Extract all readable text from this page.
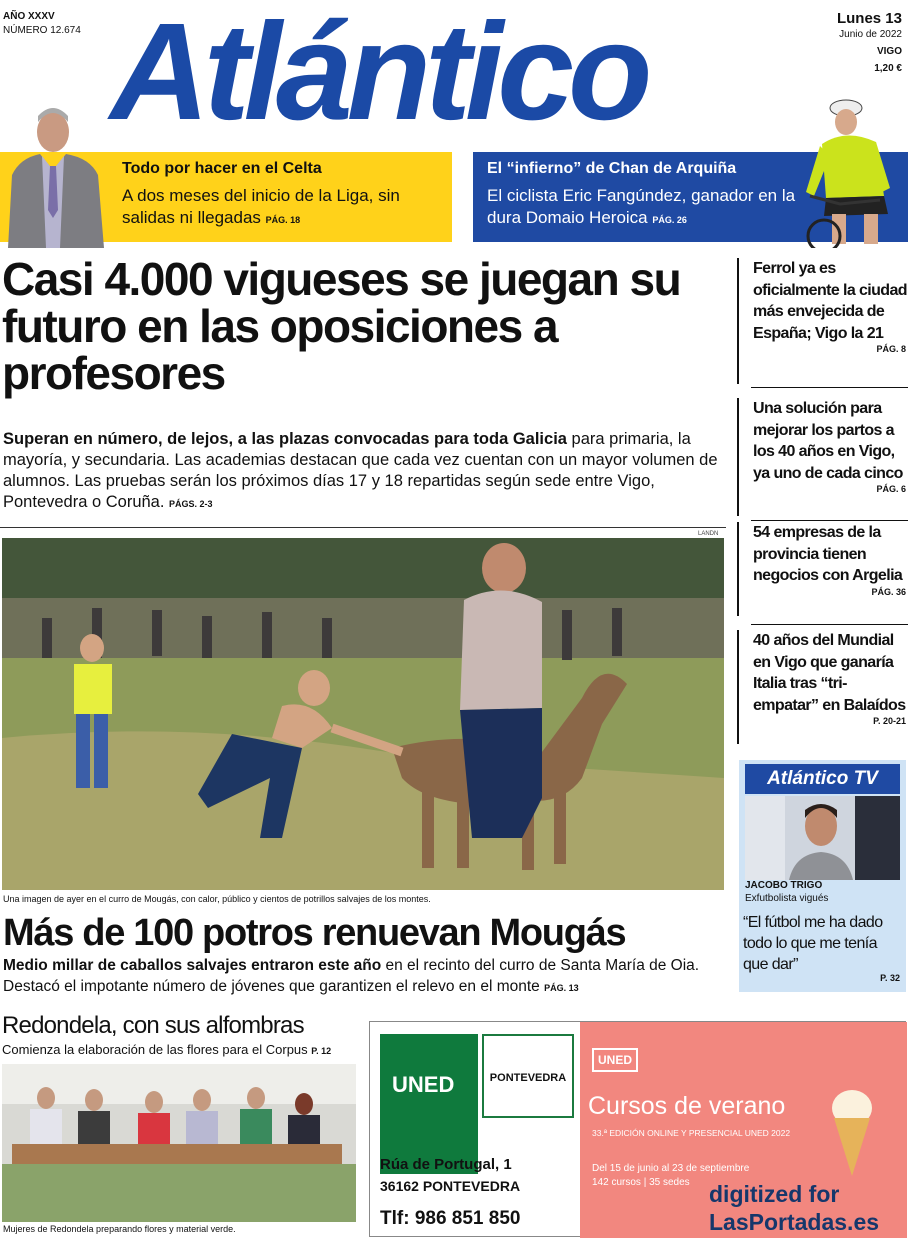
AÑO XXXV
NÚMERO 12.674 Atlántico	Lunes 13
Junio de 2022
VIGO
1,20 €
Todo por hacer en el Celta
A dos meses del inicio de la Liga, sin salidas ni llegadas PÁG. 18
El “infierno” de Chan de Arquiña
El ciclista Eric Fangúndez, ganador en la dura Domaio Heroica PÁG. 26
Casi 4.000 vigueses se juegan su futuro en las oposiciones a profesores
Superan en número, de lejos, a las plazas convocadas para toda Galicia para primaria, la mayoría, y secundaria. Las academias destacan que cada vez cuentan con un mayor volumen de alumnos. Las pruebas serán los próximos días 17 y 18 repartidas según sede entre Vigo, Pontevedra o Coruña. PÁGS. 2-3
Ferrol ya es oficialmente la ciudad más envejecida de España; Vigo la 21
PÁG. 8
Una solución para mejorar los partos a los 40 años en Vigo, ya uno de cada cinco
PÁG. 6
54 empresas de la provincia tienen negocios con Argelia
PÁG. 36
40 años del Mundial en Vigo que ganaría Italia tras “tri-empatar” en Balaídos
P. 20-21
Atlántico TV
JACOBO TRIGO
Exfutbolista vigués
“El fútbol me ha dado todo lo que me tenía que dar”
P. 32
LANDN
Una imagen de ayer en el curro de Mougás, con calor, público y cientos de potrillos salvajes de los montes.
Más de 100 potros renuevan Mougás
Medio millar de caballos salvajes entraron este año en el recinto del curro de Santa María de Oia. Destacó el impotante número de jóvenes que garantizen el relevo en el monte PÁG. 13
Redondela, con sus alfombras
Comienza la elaboración de las flores para el Corpus P. 12
Mujeres de Redondela preparando flores y material verde.
UNED	PONTEVEDRA
Rúa de Portugal, 1
36162 PONTEVEDRA
Tlf: 986 851 850
UNED
Cursos de verano
33.ª EDICIÓN ONLINE Y PRESENCIAL UNED 2022
Del 15 de junio al 23 de septiembre
142 cursos | 35 sedes digitized for
LasPortadas.es
